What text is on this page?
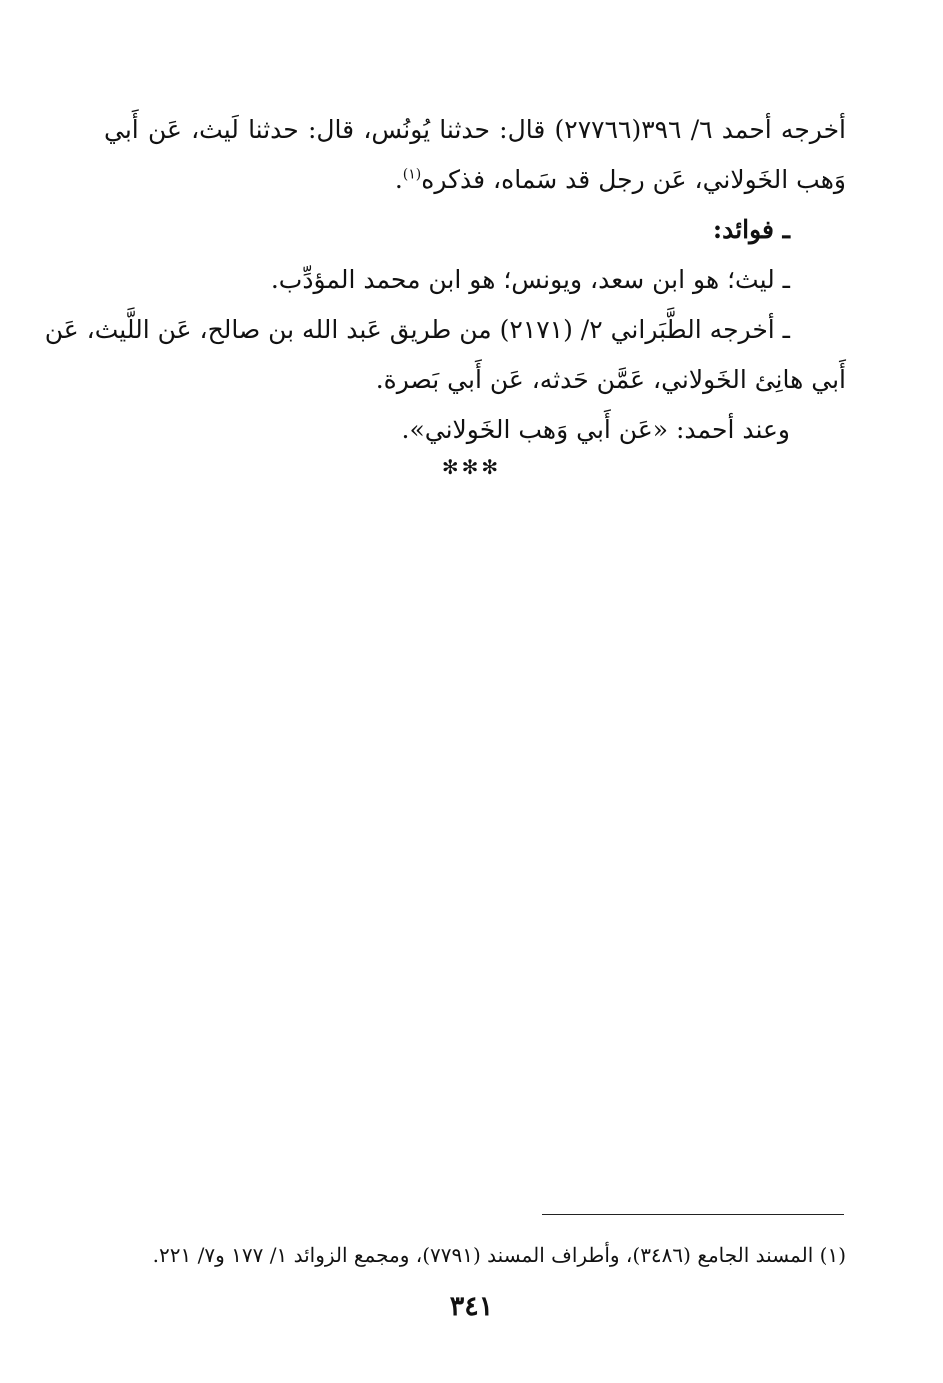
أخرجه أحمد ٦/ ٣٩٦(٢٧٧٦٦) قال: حدثنا يُونُس، قال: حدثنا لَيث، عَن أَبي
وَهب الخَولاني، عَن رجل قد سَماه، فذكره$^{(١)}$.
ـ فوائد:
ـ ليث؛ هو ابن سعد، ويونس؛ هو ابن محمد المؤدِّب.
ـ أخرجه الطَّبَراني ٢/ (٢١٧١) من طريق عَبد الله بن صالح، عَن اللَّيث، عَن
أَبي هانِئ الخَولاني، عَمَّن حَدثه، عَن أَبي بَصرة.
وعند أحمد: «عَن أَبي وَهب الخَولاني».
✻✻✻
(١) المسند الجامع (٣٤٨٦)، وأطراف المسند (٧٧٩١)، ومجمع الزوائد ١/ ١٧٧ و٧/ ٢٢١.
٣٤١
